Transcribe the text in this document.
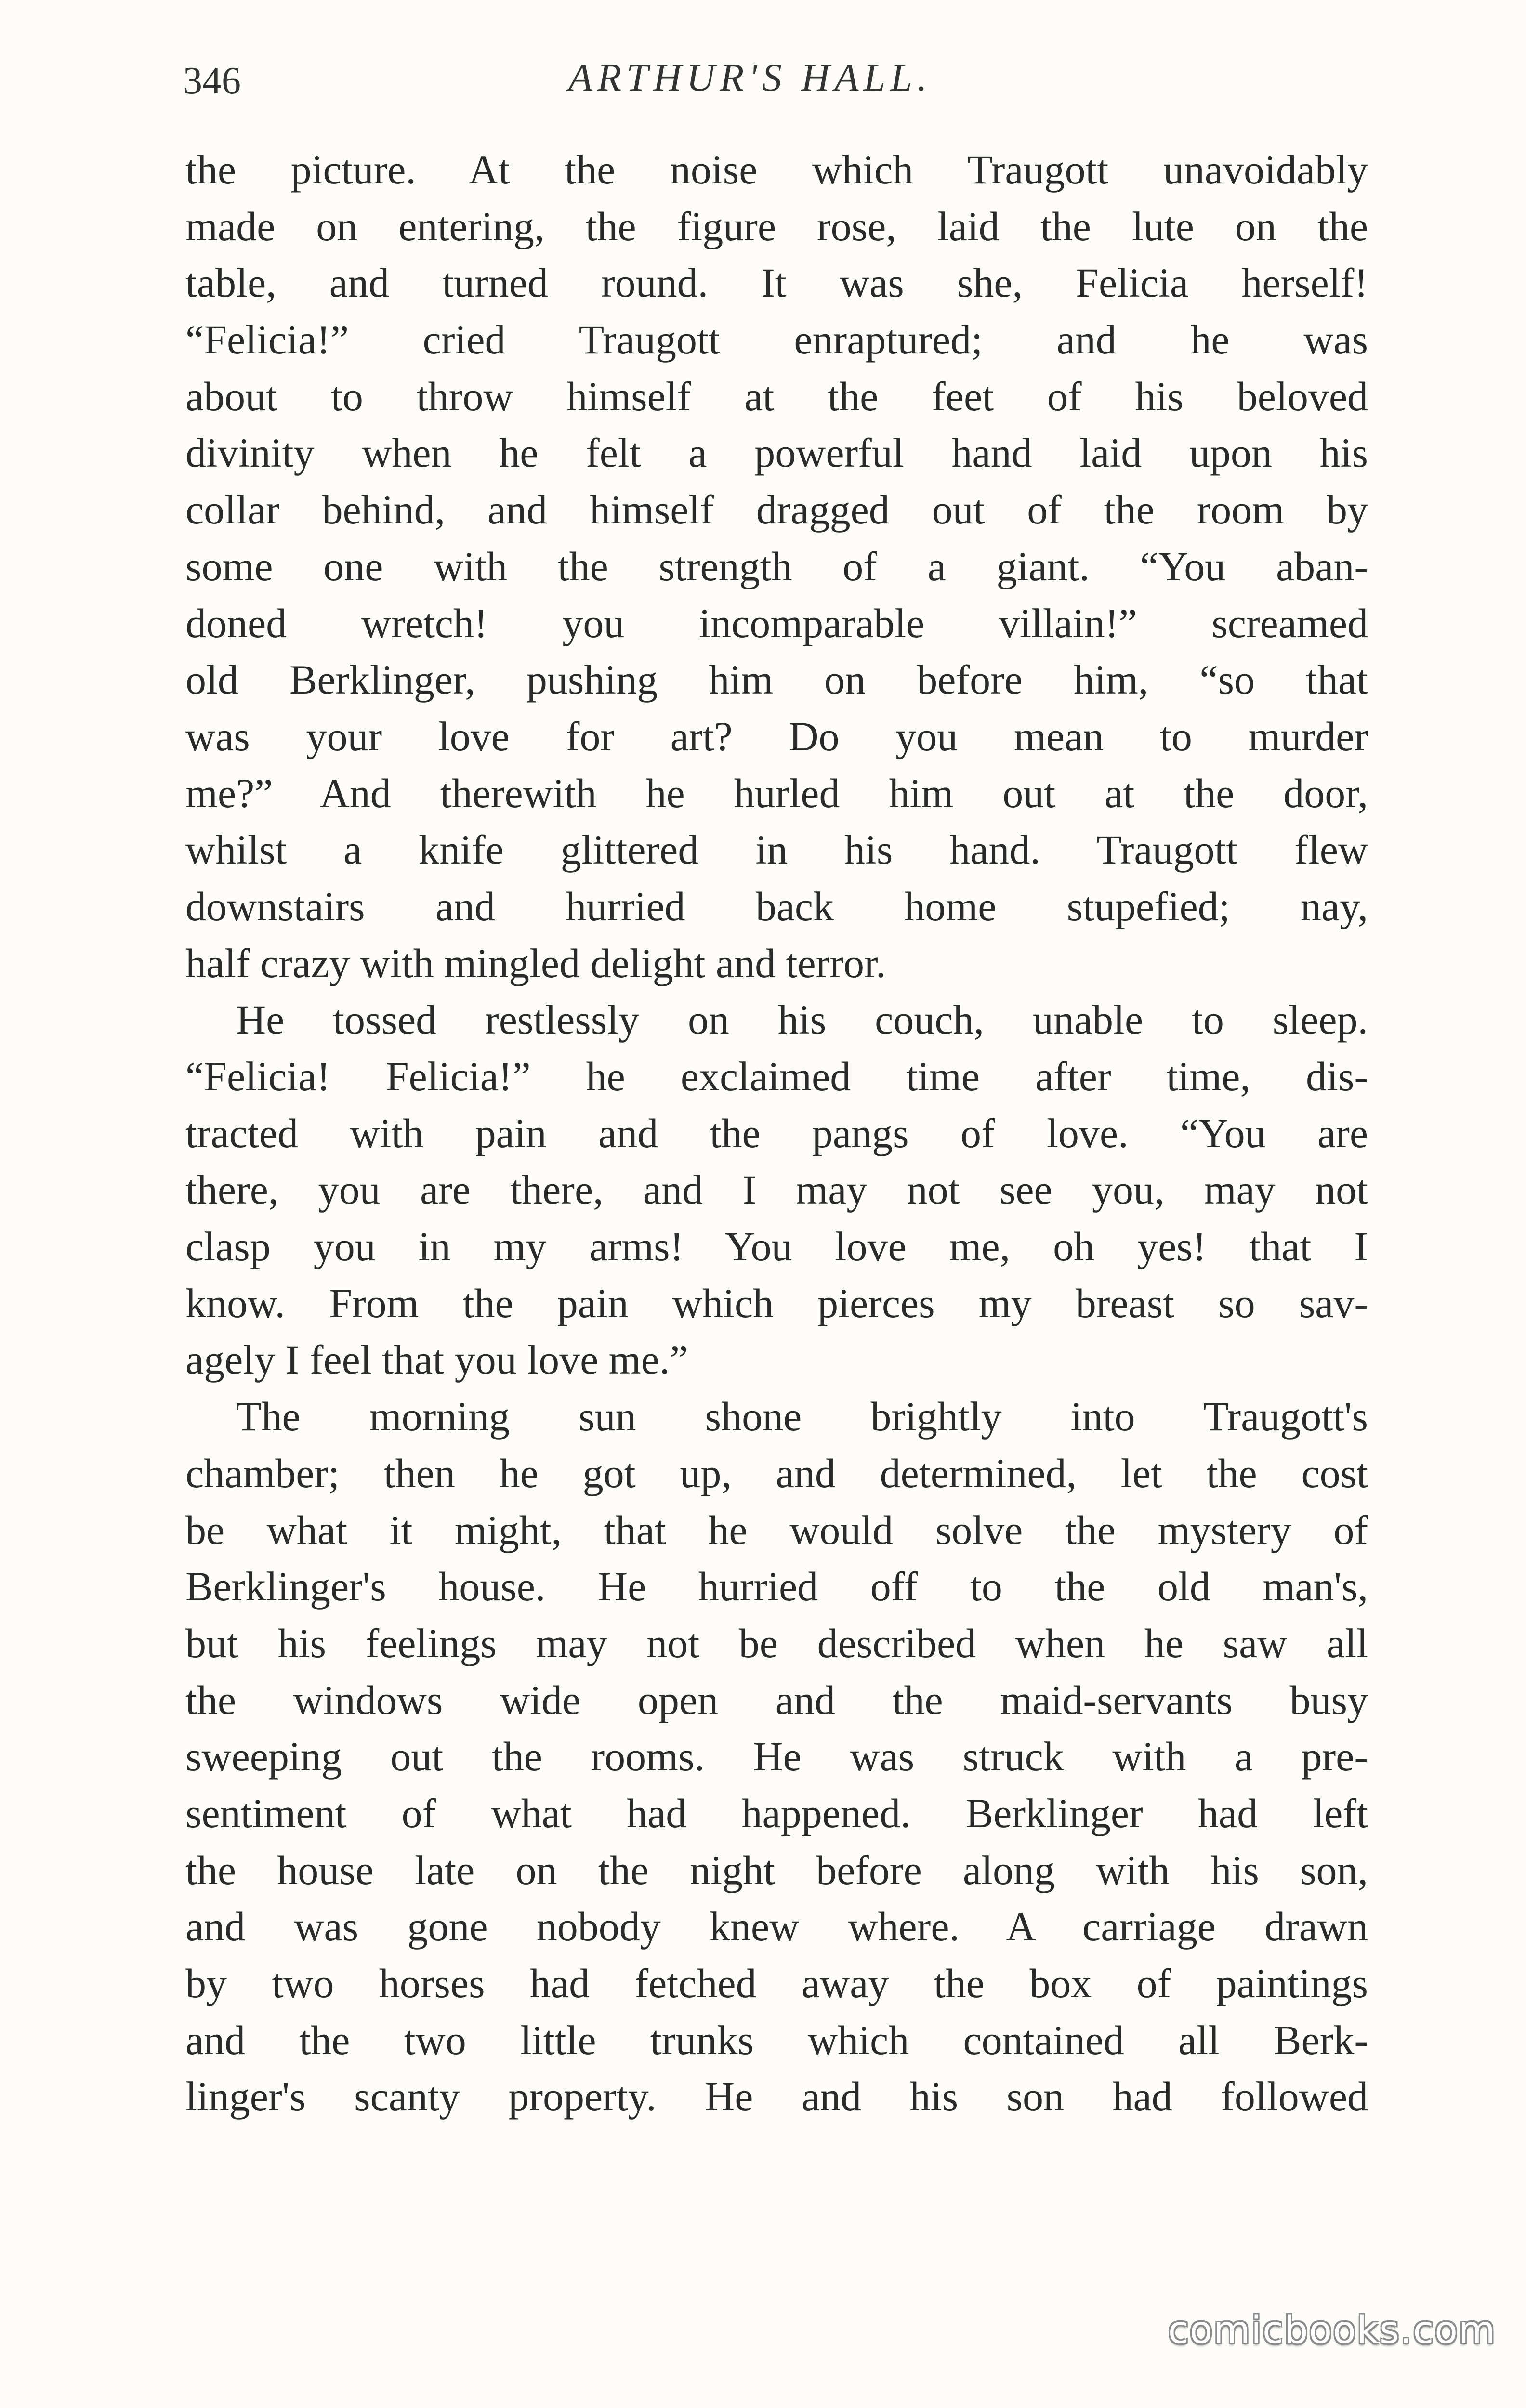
346	ARTHUR'S HALL.
the picture. At the noise which Traugott unavoidably
made on entering, the figure rose, laid the lute on the
table, and turned round. It was she, Felicia herself!
“Felicia!” cried Traugott enraptured; and he was
about to throw himself at the feet of his beloved
divinity when he felt a powerful hand laid upon his
collar behind, and himself dragged out of the room by
some one with the strength of a giant. “You aban-
doned wretch! you incomparable villain!” screamed
old Berklinger, pushing him on before him, “so that
was your love for art? Do you mean to murder
me?” And therewith he hurled him out at the door,
whilst a knife glittered in his hand. Traugott flew
downstairs and hurried back home stupefied; nay,
half crazy with mingled delight and terror.
He tossed restlessly on his couch, unable to sleep.
“Felicia! Felicia!” he exclaimed time after time, dis-
tracted with pain and the pangs of love. “You are
there, you are there, and I may not see you, may not
clasp you in my arms! You love me, oh yes! that I
know. From the pain which pierces my breast so sav-
agely I feel that you love me.”
The morning sun shone brightly into Traugott's
chamber; then he got up, and determined, let the cost
be what it might, that he would solve the mystery of
Berklinger's house. He hurried off to the old man's,
but his feelings may not be described when he saw all
the windows wide open and the maid-servants busy
sweeping out the rooms. He was struck with a pre-
sentiment of what had happened. Berklinger had left
the house late on the night before along with his son,
and was gone nobody knew where. A carriage drawn
by two horses had fetched away the box of paintings
and the two little trunks which contained all Berk-
linger's scanty property. He and his son had followed
comicbooks.com
